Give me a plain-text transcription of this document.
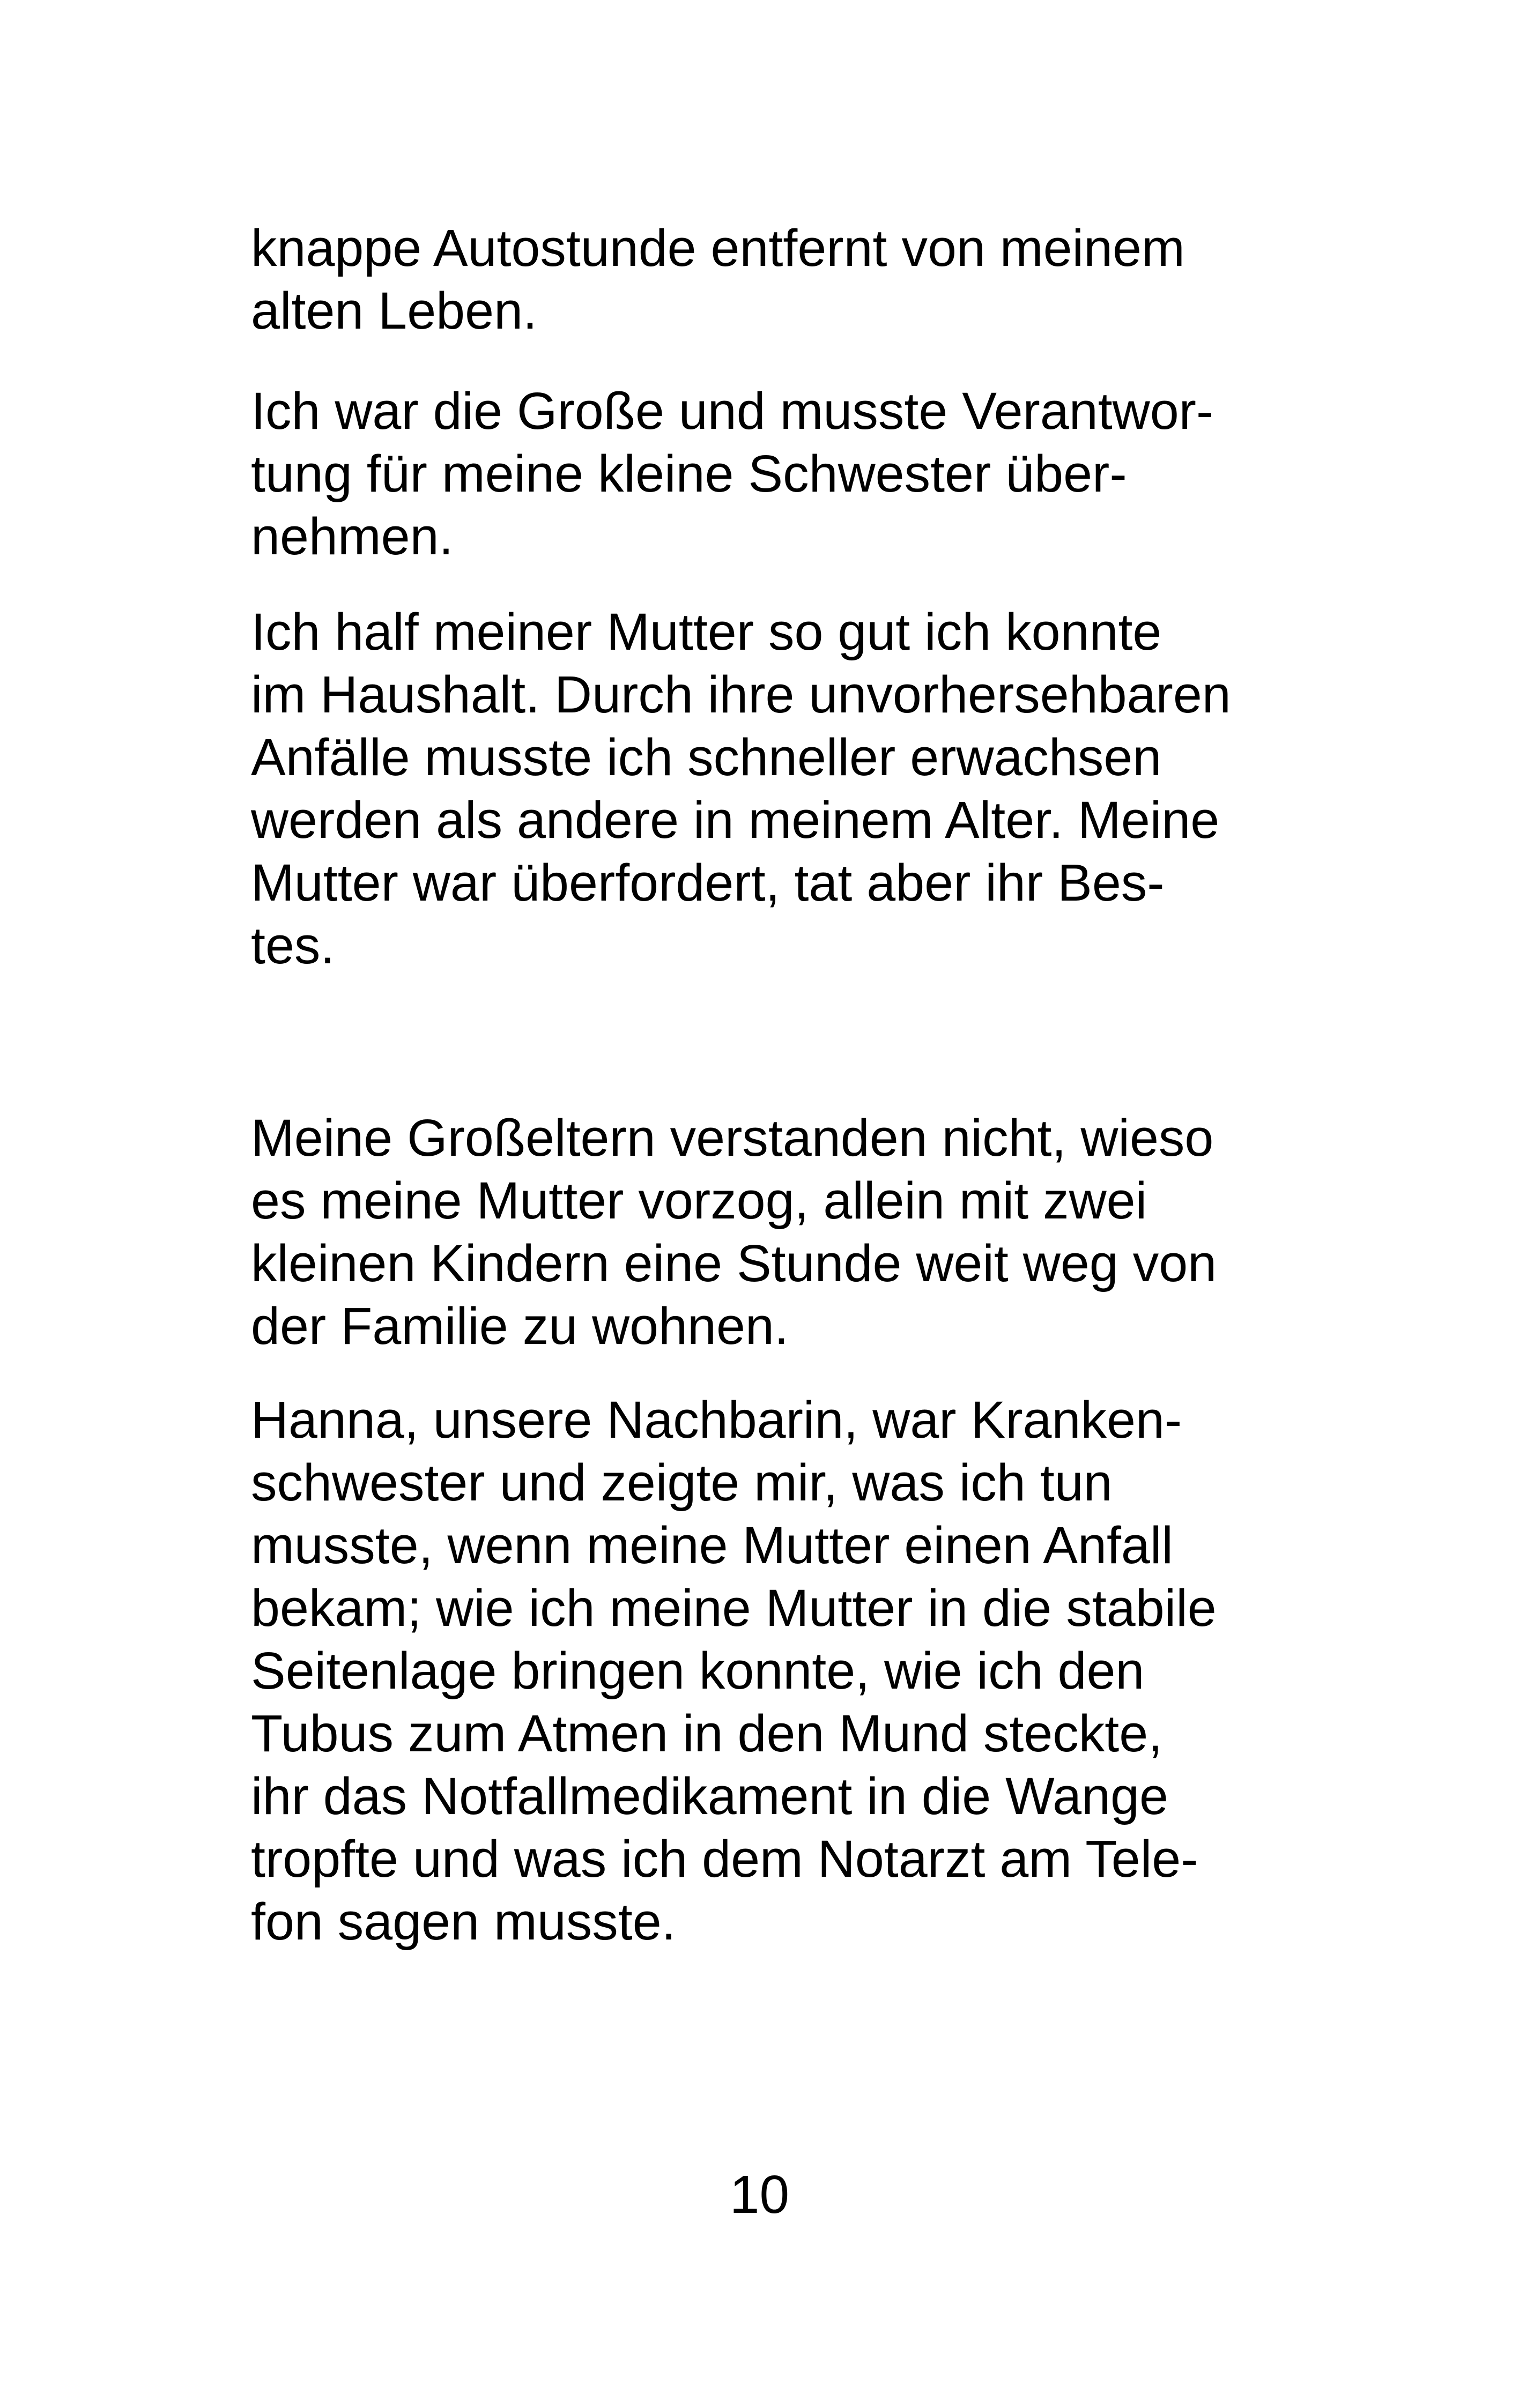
knappe Autostunde entfernt von meinem
alten Leben.

Ich war die Große und musste Verantwor-
tung für meine kleine Schwester über-
nehmen.

Ich half meiner Mutter so gut ich konnte
im Haushalt. Durch ihre unvorhersehbaren
Anfälle musste ich schneller erwachsen
werden als andere in meinem Alter. Meine
Mutter war überfordert, tat aber ihr Bes-
tes.

Meine Großeltern verstanden nicht, wieso
es meine Mutter vorzog, allein mit zwei
kleinen Kindern eine Stunde weit weg von
der Familie zu wohnen.

Hanna, unsere Nachbarin, war Kranken-
schwester und zeigte mir, was ich tun
musste, wenn meine Mutter einen Anfall
bekam; wie ich meine Mutter in die stabile
Seitenlage bringen konnte, wie ich den
Tubus zum Atmen in den Mund steckte,
ihr das Notfallmedikament in die Wange
tropfte und was ich dem Notarzt am Tele-
fon sagen musste.

10
